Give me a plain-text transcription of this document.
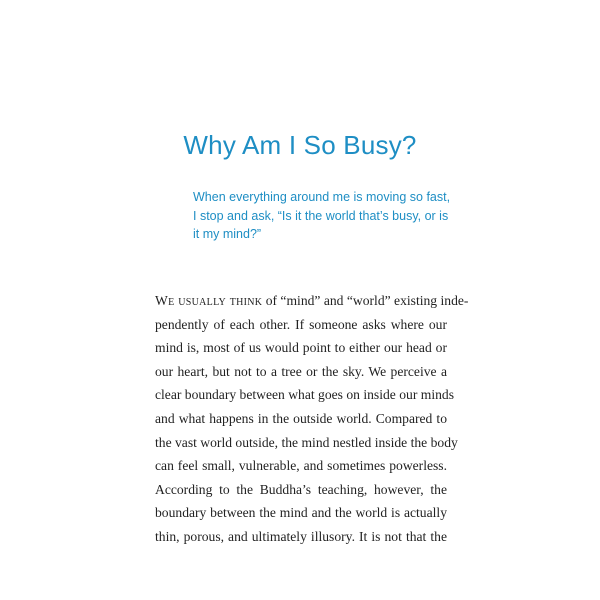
Why Am I So Busy?
When everything around me is moving so fast,
I stop and ask, “Is it the world that’s busy, or is
it my mind?”
We usually think of “mind” and “world” existing inde-
pendently of each other. If someone asks where our
mind is, most of us would point to either our head or
our heart, but not to a tree or the sky. We perceive a
clear boundary between what goes on inside our minds
and what happens in the outside world. Compared to
the vast world outside, the mind nestled inside the body
can feel small, vulnerable, and sometimes powerless.
According to the Buddha’s teaching, however, the
boundary between the mind and the world is actually
thin, porous, and ultimately illusory. It is not that the
